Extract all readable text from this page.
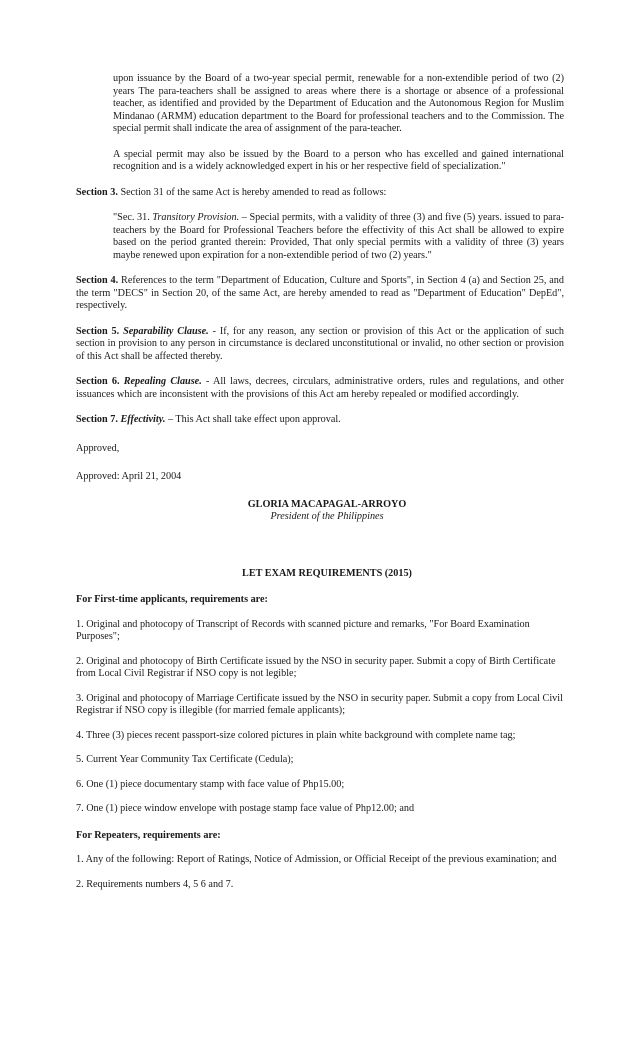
upon issuance by the Board of a two-year special permit, renewable for a non-extendible period of two (2) years The para-teachers shall be assigned to areas where there is a shortage or absence of a professional teacher, as identified and provided by the Department of Education and the Autonomous Region for Muslim Mindanao (ARMM) education department to the Board for professional teachers and to the Commission. The special permit shall indicate the area of assignment of the para-teacher.

A special permit may also be issued by the Board to a person who has excelled and gained international recognition and is a widely acknowledged expert in his or her respective field of specialization."

Section 3. Section 31 of the same Act is hereby amended to read as follows:

"Sec. 31. Transitory Provision. – Special permits, with a validity of three (3) and five (5) years. issued to para-teachers by the Board for Professional Teachers before the effectivity of this Act shall be allowed to expire based on the period granted therein: Provided, That only special permits with a validity of three (3) years maybe renewed upon expiration for a non-extendible period of two (2) years."

Section 4. References to the term "Department of Education, Culture and Sports", in Section 4 (a) and Section 25, and the term "DECS" in Section 20, of the same Act, are hereby amended to read as "Department of Education" DepEd", respectively.

Section 5. Separability Clause. - If, for any reason, any section or provision of this Act or the application of such section in provision to any person in circumstance is declared unconstitutional or invalid, no other section or provision of this Act shall be affected thereby.

Section 6. Repealing Clause. - All laws, decrees, circulars, administrative orders, rules and regulations, and other issuances which are inconsistent with the provisions of this Act am hereby repealed or modified accordingly.

Section 7. Effectivity. – This Act shall take effect upon approval.

Approved,

Approved: April 21, 2004

GLORIA MACAPAGAL-ARROYO
President of the Philippines
LET EXAM REQUIREMENTS (2015)
For First-time applicants, requirements are:

1. Original and photocopy of Transcript of Records with scanned picture and remarks, "For Board Examination Purposes";

2. Original and photocopy of Birth Certificate issued by the NSO in security paper. Submit a copy of Birth Certificate from Local Civil Registrar if NSO copy is not legible;

3. Original and photocopy of Marriage Certificate issued by the NSO in security paper. Submit a copy from Local Civil Registrar if NSO copy is illegible (for married female applicants);

4. Three (3) pieces recent passport-size colored pictures in plain white background with complete name tag;

5. Current Year Community Tax Certificate (Cedula);

6. One (1) piece documentary stamp with face value of Php15.00;

7. One (1) piece window envelope with postage stamp face value of Php12.00; and

For Repeaters, requirements are:

1. Any of the following: Report of Ratings, Notice of Admission, or Official Receipt of the previous examination; and

2. Requirements numbers 4, 5 6 and 7.
